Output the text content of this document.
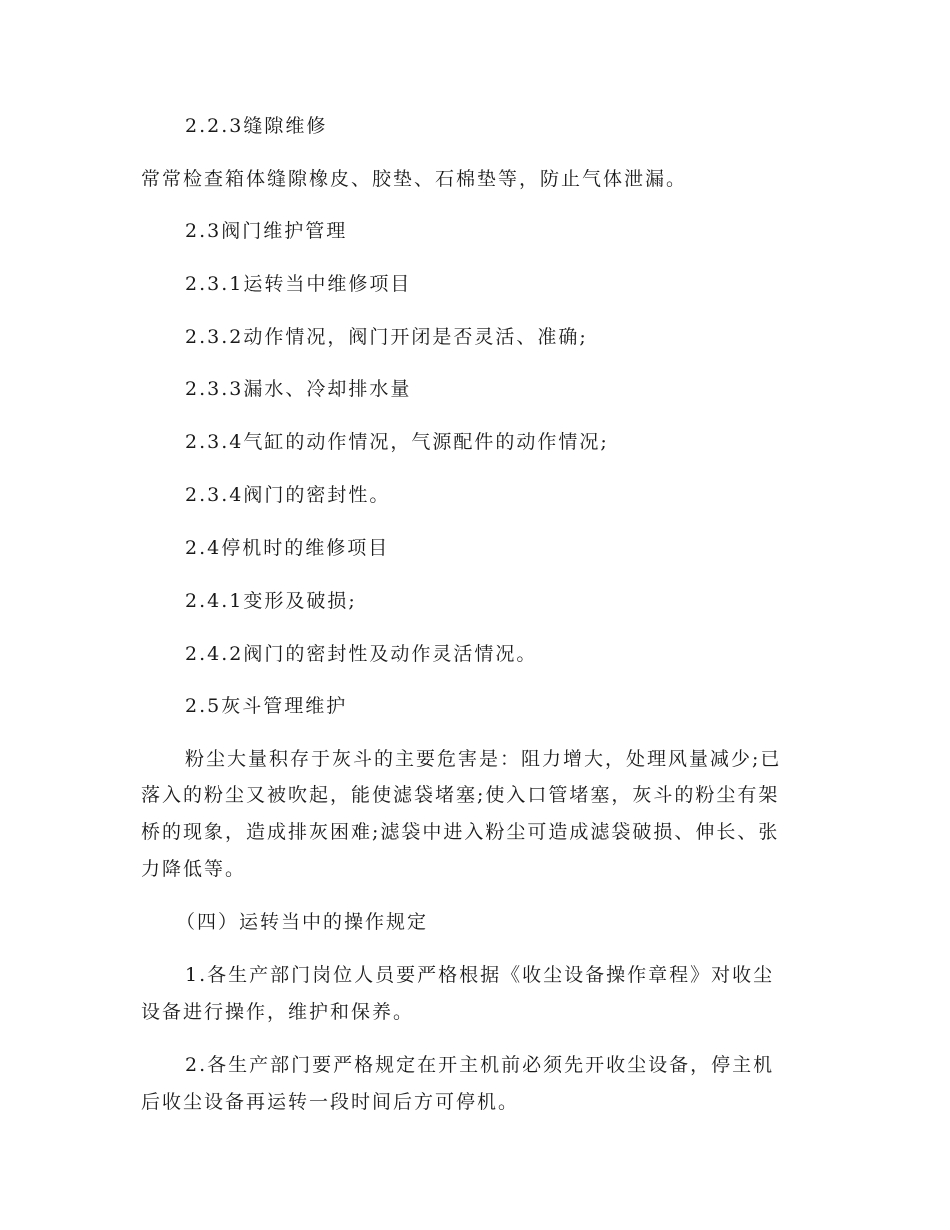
2.2.3缝隙维修
常常检查箱体缝隙橡皮、胶垫、石棉垫等，防止气体泄漏。
2.3阀门维护管理
2.3.1运转当中维修项目
2.3.2动作情况，阀门开闭是否灵活、准确;
2.3.3漏水、冷却排水量
2.3.4气缸的动作情况，气源配件的动作情况;
2.3.4阀门的密封性。
2.4停机时的维修项目
2.4.1变形及破损;
2.4.2阀门的密封性及动作灵活情况。
2.5灰斗管理维护
粉尘大量积存于灰斗的主要危害是：阻力增大，处理风量减少;已
落入的粉尘又被吹起，能使滤袋堵塞;使入口管堵塞，灰斗的粉尘有架
桥的现象，造成排灰困难;滤袋中进入粉尘可造成滤袋破损、伸长、张
力降低等。
（四）运转当中的操作规定
1.各生产部门岗位人员要严格根据《收尘设备操作章程》对收尘
设备进行操作，维护和保养。
2.各生产部门要严格规定在开主机前必须先开收尘设备，停主机
后收尘设备再运转一段时间后方可停机。
